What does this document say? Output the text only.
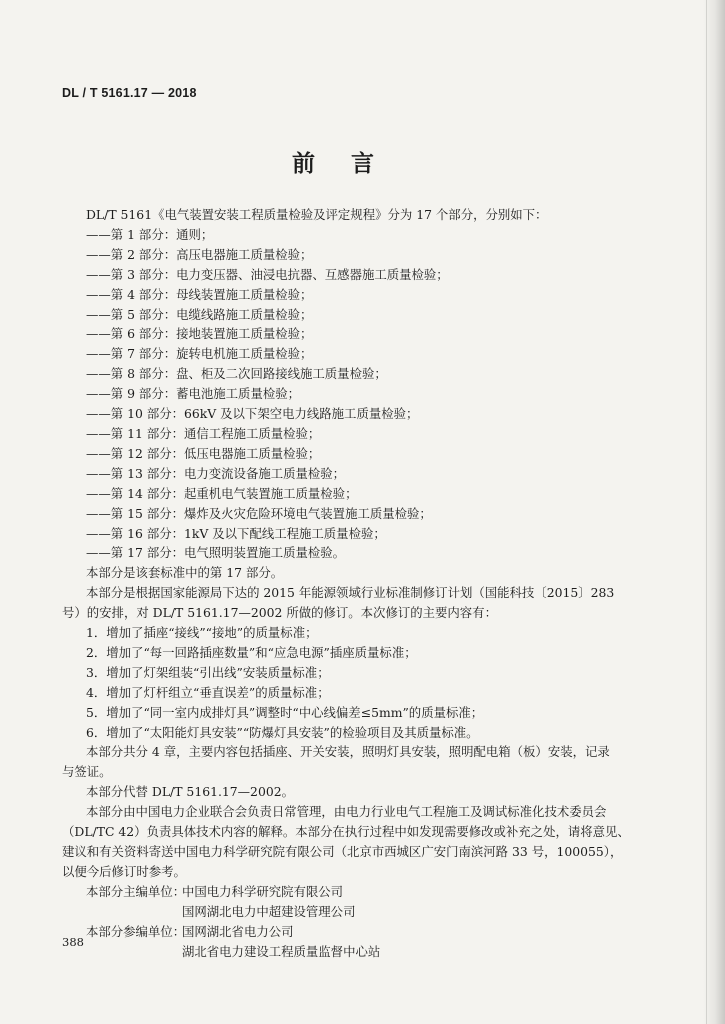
DL / T 5161.17 — 2018
前 言
DL/T 5161《电气装置安装工程质量检验及评定规程》分为 17 个部分，分别如下：
——第 1 部分：通则；
——第 2 部分：高压电器施工质量检验；
——第 3 部分：电力变压器、油浸电抗器、互感器施工质量检验；
——第 4 部分：母线装置施工质量检验；
——第 5 部分：电缆线路施工质量检验；
——第 6 部分：接地装置施工质量检验；
——第 7 部分：旋转电机施工质量检验；
——第 8 部分：盘、柜及二次回路接线施工质量检验；
——第 9 部分：蓄电池施工质量检验；
——第 10 部分：66kV 及以下架空电力线路施工质量检验；
——第 11 部分：通信工程施工质量检验；
——第 12 部分：低压电器施工质量检验；
——第 13 部分：电力变流设备施工质量检验；
——第 14 部分：起重机电气装置施工质量检验；
——第 15 部分：爆炸及火灾危险环境电气装置施工质量检验；
——第 16 部分：1kV 及以下配线工程施工质量检验；
——第 17 部分：电气照明装置施工质量检验。
本部分是该套标准中的第 17 部分。
本部分是根据国家能源局下达的 2015 年能源领域行业标准制修订计划（国能科技〔2015〕283
号）的安排，对 DL/T 5161.17—2002 所做的修订。本次修订的主要内容有：
1．增加了插座“接线”“接地”的质量标准；
2．增加了“每一回路插座数量”和“应急电源”插座质量标准；
3．增加了灯架组装“引出线”安装质量标准；
4．增加了灯杆组立“垂直误差”的质量标准；
5．增加了“同一室内成排灯具”调整时“中心线偏差≤5mm”的质量标准；
6．增加了“太阳能灯具安装”“防爆灯具安装”的检验项目及其质量标准。
本部分共分 4 章，主要内容包括插座、开关安装，照明灯具安装，照明配电箱（板）安装，记录
与签证。
本部分代替 DL/T 5161.17—2002。
本部分由中国电力企业联合会负责日常管理，由电力行业电气工程施工及调试标准化技术委员会
（DL/TC 42）负责具体技术内容的解释。本部分在执行过程中如发现需要修改或补充之处，请将意见、
建议和有关资料寄送中国电力科学研究院有限公司（北京市西城区广安门南滨河路 33 号，100055），
以便今后修订时参考。
本部分主编单位：中国电力科学研究院有限公司
国网湖北电力中超建设管理公司
本部分参编单位：国网湖北省电力公司
湖北省电力建设工程质量监督中心站
388
